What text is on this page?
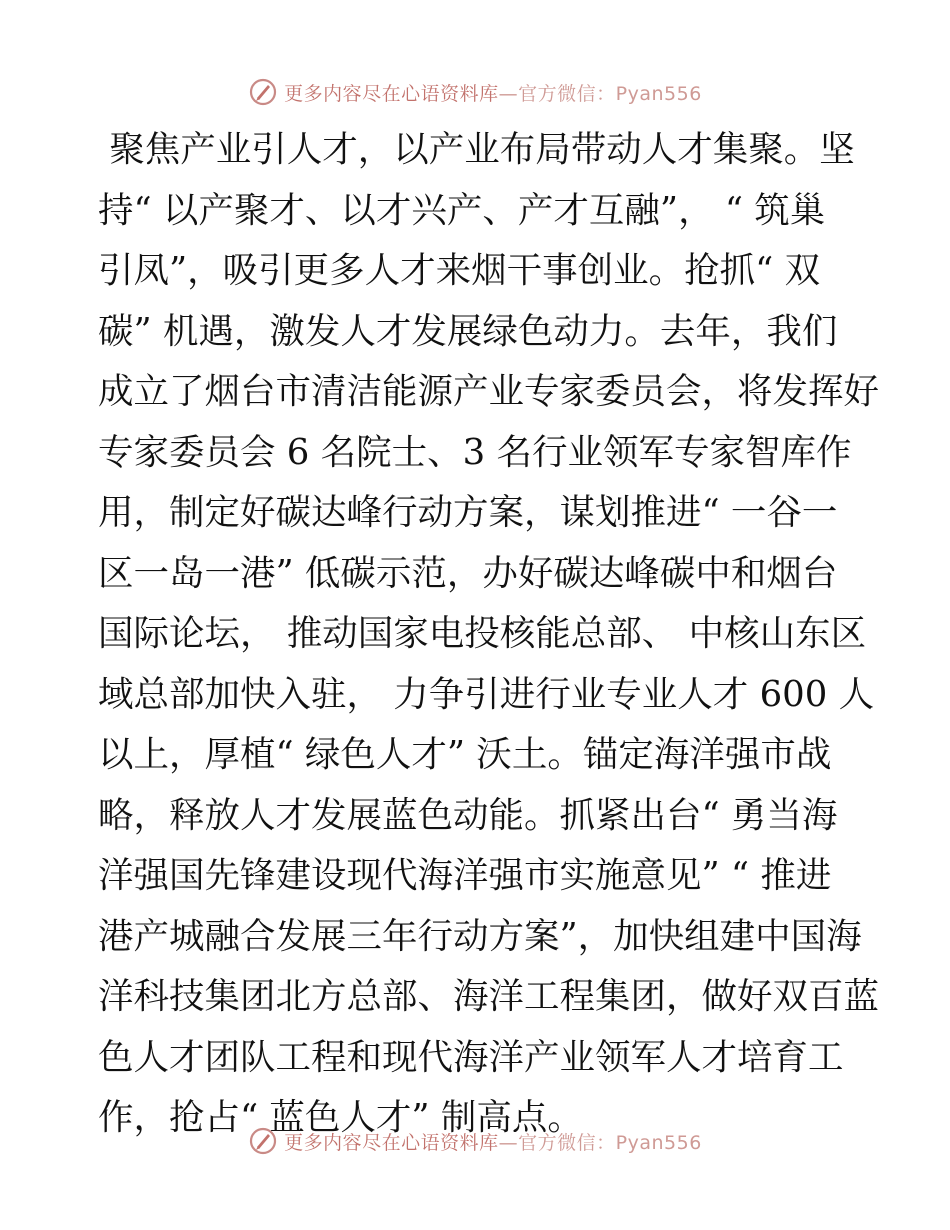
更多内容尽在心语资料库—官方微信：Pyan556
聚焦产业引人才，以产业布局带动人才集聚。坚
持“ 以产聚才、以才兴产、产才互融”， “ 筑巢
引凤”，吸引更多人才来烟干事创业。抢抓“ 双
碳” 机遇，激发人才发展绿色动力。去年，我们
成立了烟台市清洁能源产业专家委员会，将发挥好
专家委员会 6 名院士、3 名行业领军专家智库作
用，制定好碳达峰行动方案，谋划推进“ 一谷一
区一岛一港” 低碳示范，办好碳达峰碳中和烟台
国际论坛， 推动国家电投核能总部、 中核山东区
域总部加快入驻， 力争引进行业专业人才 600 人
以上，厚植“ 绿色人才” 沃土。锚定海洋强市战
略，释放人才发展蓝色动能。抓紧出台“ 勇当海
洋强国先锋建设现代海洋强市实施意见” “ 推进
港产城融合发展三年行动方案”，加快组建中国海
洋科技集团北方总部、海洋工程集团，做好双百蓝
色人才团队工程和现代海洋产业领军人才培育工
作，抢占“ 蓝色人才” 制高点。
更多内容尽在心语资料库—官方微信：Pyan556
